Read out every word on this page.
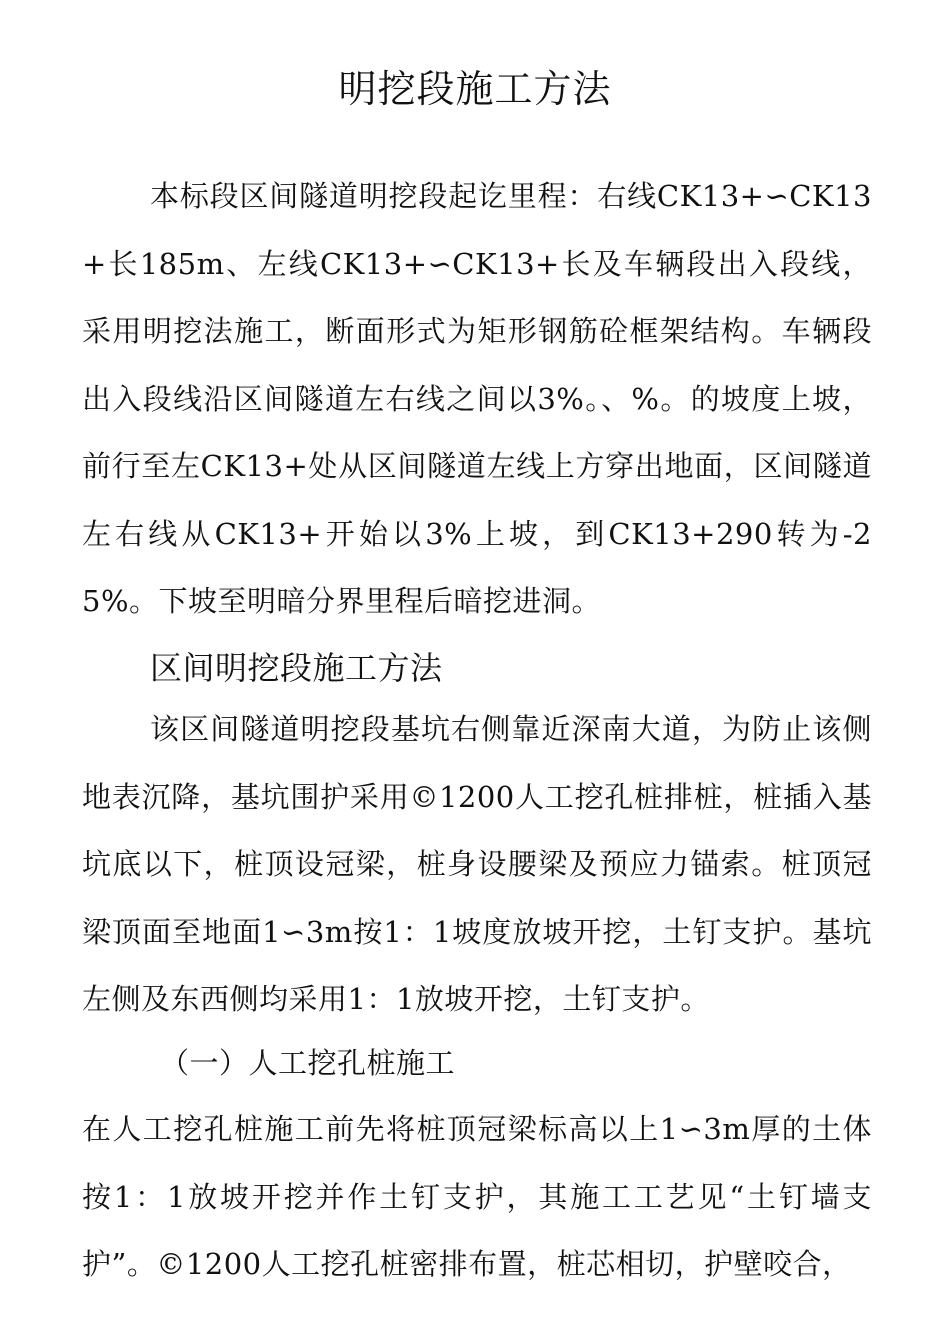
明挖段施工方法

本标段区间隧道明挖段起讫里程：右线CK13+∽CK13+长185m、左线CK13+∽CK13+长及车辆段出入段线，采用明挖法施工，断面形式为矩形钢筋砼框架结构。车辆段出入段线沿区间隧道左右线之间以3%。、%。的坡度上坡，前行至左CK13+处从区间隧道左线上方穿出地面，区间隧道左右线从CK13+开始以3%上坡，到CK13+290转为-25%。下坡至明暗分界里程后暗挖进洞。

区间明挖段施工方法

该区间隧道明挖段基坑右侧靠近深南大道，为防止该侧地表沉降，基坑围护采用©1200人工挖孔桩排桩，桩插入基坑底以下，桩顶设冠梁，桩身设腰梁及预应力锚索。桩顶冠梁顶面至地面1∽3m按1：1坡度放坡开挖，土钉支护。基坑左侧及东西侧均采用1：1放坡开挖，土钉支护。

（一）人工挖孔桩施工

在人工挖孔桩施工前先将桩顶冠梁标高以上1∽3m厚的土体按1：1放坡开挖并作土钉支护，其施工工艺见“土钉墙支护”。©1200人工挖孔桩密排布置，桩芯相切，护壁咬合，
